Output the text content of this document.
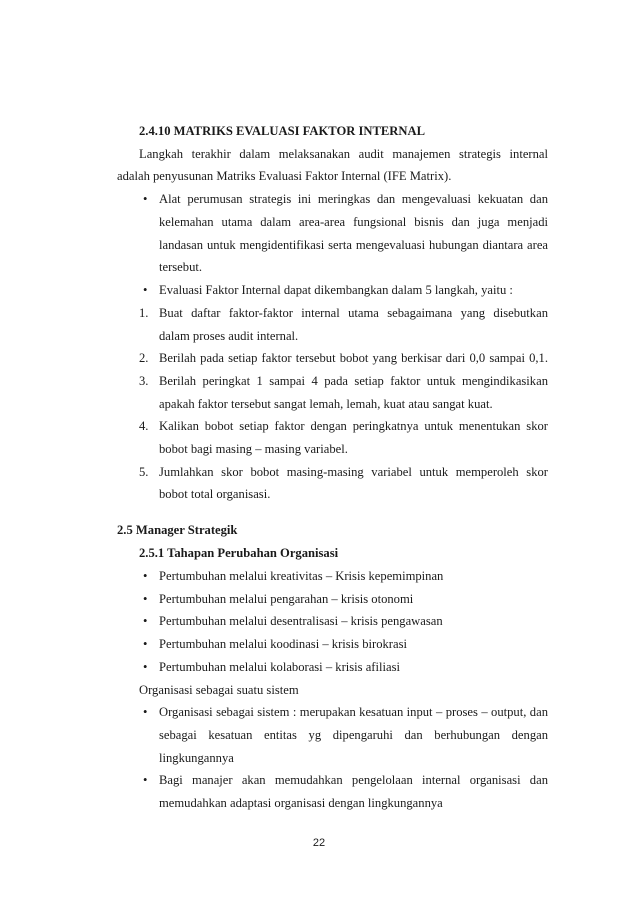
2.4.10 MATRIKS EVALUASI FAKTOR INTERNAL
Langkah terakhir dalam melaksanakan audit manajemen strategis internal
adalah penyusunan Matriks Evaluasi Faktor Internal (IFE Matrix).
• Alat perumusan strategis ini meringkas dan mengevaluasi kekuatan dan
kelemahan utama dalam area-area fungsional bisnis dan juga menjadi
landasan untuk mengidentifikasi serta mengevaluasi hubungan diantara area
tersebut.
• Evaluasi Faktor Internal dapat dikembangkan dalam 5 langkah, yaitu :
1. Buat daftar faktor-faktor internal utama sebagaimana yang disebutkan
dalam proses audit internal.
2. Berilah pada setiap faktor tersebut bobot yang berkisar dari 0,0 sampai 0,1.
3. Berilah peringkat 1 sampai 4 pada setiap faktor untuk mengindikasikan
apakah faktor tersebut sangat lemah, lemah, kuat atau sangat kuat.
4. Kalikan bobot setiap faktor dengan peringkatnya untuk menentukan skor
bobot bagi masing – masing variabel.
5. Jumlahkan skor bobot masing-masing variabel untuk memperoleh skor
bobot total organisasi.
2.5 Manager Strategik
2.5.1 Tahapan Perubahan Organisasi
• Pertumbuhan melalui kreativitas – Krisis kepemimpinan
• Pertumbuhan melalui pengarahan – krisis otonomi
• Pertumbuhan melalui desentralisasi – krisis pengawasan
• Pertumbuhan melalui koodinasi – krisis birokrasi
• Pertumbuhan melalui kolaborasi – krisis afiliasi
Organisasi sebagai suatu sistem
• Organisasi sebagai sistem : merupakan kesatuan input – proses – output, dan
sebagai kesatuan entitas yg dipengaruhi dan berhubungan dengan
lingkungannya
• Bagi manajer akan memudahkan pengelolaan internal organisasi dan
memudahkan adaptasi organisasi dengan lingkungannya
22
